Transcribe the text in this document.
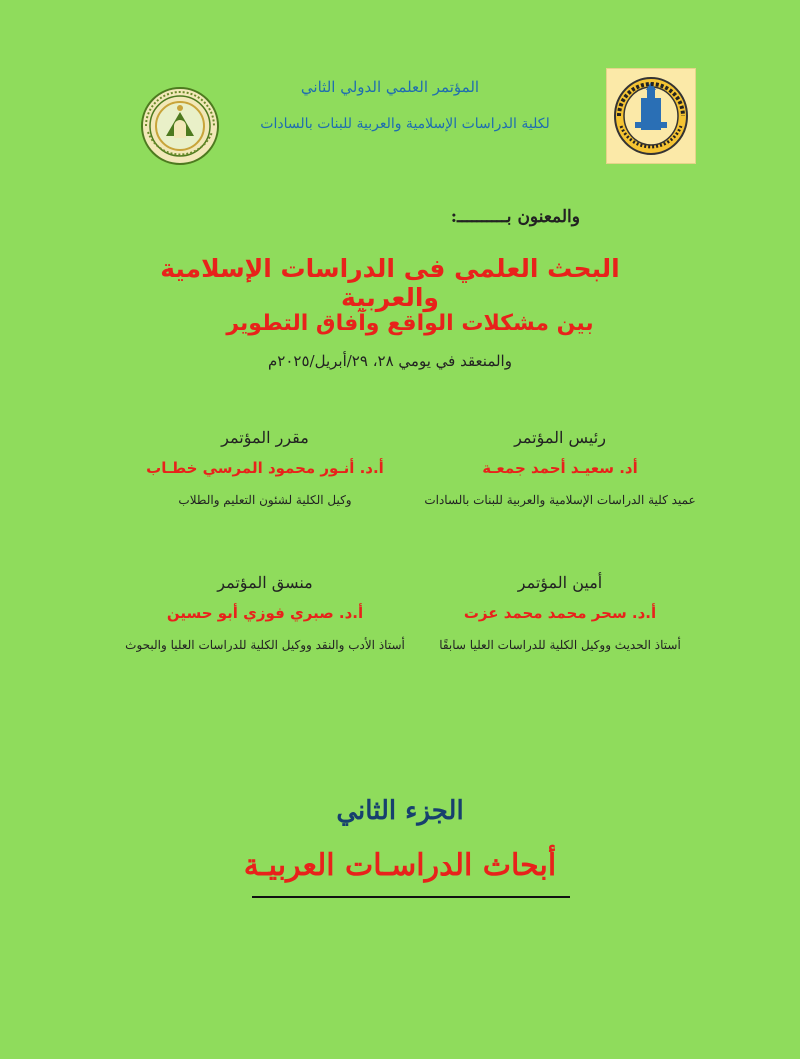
المؤتمر العلمي الدولي الثاني
لكلية الدراسات الإسلامية والعربية للبنات بالسادات
والمعنون بــــــــــ:
البحث العلمي فى الدراسات الإسلامية والعربية
بين مشكلات الواقع وآفاق التطوير
والمنعقد في يومي ٢٨، ٢٩/أبريل/٢٠٢٥م
رئيس المؤتمر
أد. سعيـد أحمد جمعـة
عميد كلية الدراسات الإسلامية والعربية للبنات بالسادات
مقرر المؤتمر
أ.د. أنـور محمود المرسي خطـاب
وكيل الكلية لشئون التعليم والطلاب
أمين المؤتمر
أ.د. سحر محمد محمد عزت
أستاذ الحديث ووكيل الكلية للدراسات العليا سابقًا
منسق المؤتمر
أ.د. صبري فوزي أبو حسين
أستاذ الأدب والنقد ووكيل الكلية للدراسات العليا والبحوث
الجزء الثاني
أبحاث الدراسـات العربيـة
